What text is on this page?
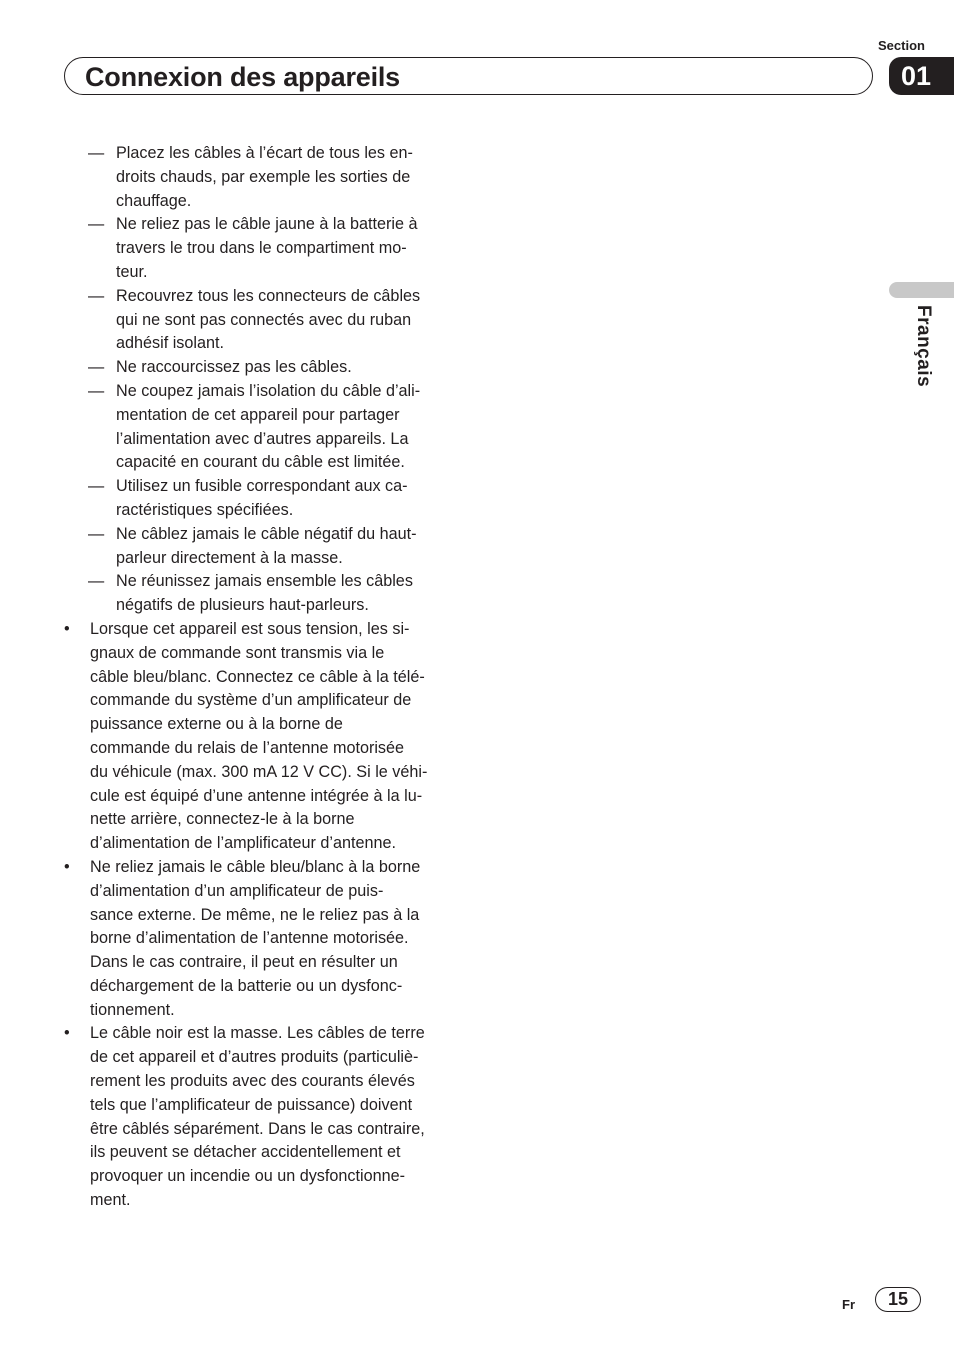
Section
Connexion des appareils	01
Français

— Placez les câbles à l’écart de tous les en-
droits chauds, par exemple les sorties de
chauffage.

— Ne reliez pas le câble jaune à la batterie à
travers le trou dans le compartiment mo-
teur.

— Recouvrez tous les connecteurs de câbles
qui ne sont pas connectés avec du ruban
adhésif isolant.

— Ne raccourcissez pas les câbles.

— Ne coupez jamais l’isolation du câble d’ali-
mentation de cet appareil pour partager
l’alimentation avec d’autres appareils. La
capacité en courant du câble est limitée.

— Utilisez un fusible correspondant aux ca-
ractéristiques spécifiées.

— Ne câblez jamais le câble négatif du haut-
parleur directement à la masse.

— Ne réunissez jamais ensemble les câbles
négatifs de plusieurs haut-parleurs.

• Lorsque cet appareil est sous tension, les si-
gnaux de commande sont transmis via le
câble bleu/blanc. Connectez ce câble à la télé-
commande du système d’un amplificateur de
puissance externe ou à la borne de
commande du relais de l’antenne motorisée
du véhicule (max. 300 mA 12 V CC). Si le véhi-
cule est équipé d’une antenne intégrée à la lu-
nette arrière, connectez-le à la borne
d’alimentation de l’amplificateur d’antenne.

• Ne reliez jamais le câble bleu/blanc à la borne
d’alimentation d’un amplificateur de puis-
sance externe. De même, ne le reliez pas à la
borne d’alimentation de l’antenne motorisée.
Dans le cas contraire, il peut en résulter un
déchargement de la batterie ou un dysfonc-
tionnement.

• Le câble noir est la masse. Les câbles de terre
de cet appareil et d’autres produits (particuliè-
rement les produits avec des courants élevés
tels que l’amplificateur de puissance) doivent
être câblés séparément. Dans le cas contraire,
ils peuvent se détacher accidentellement et
provoquer un incendie ou un dysfonctionne-
ment.

Fr	15
